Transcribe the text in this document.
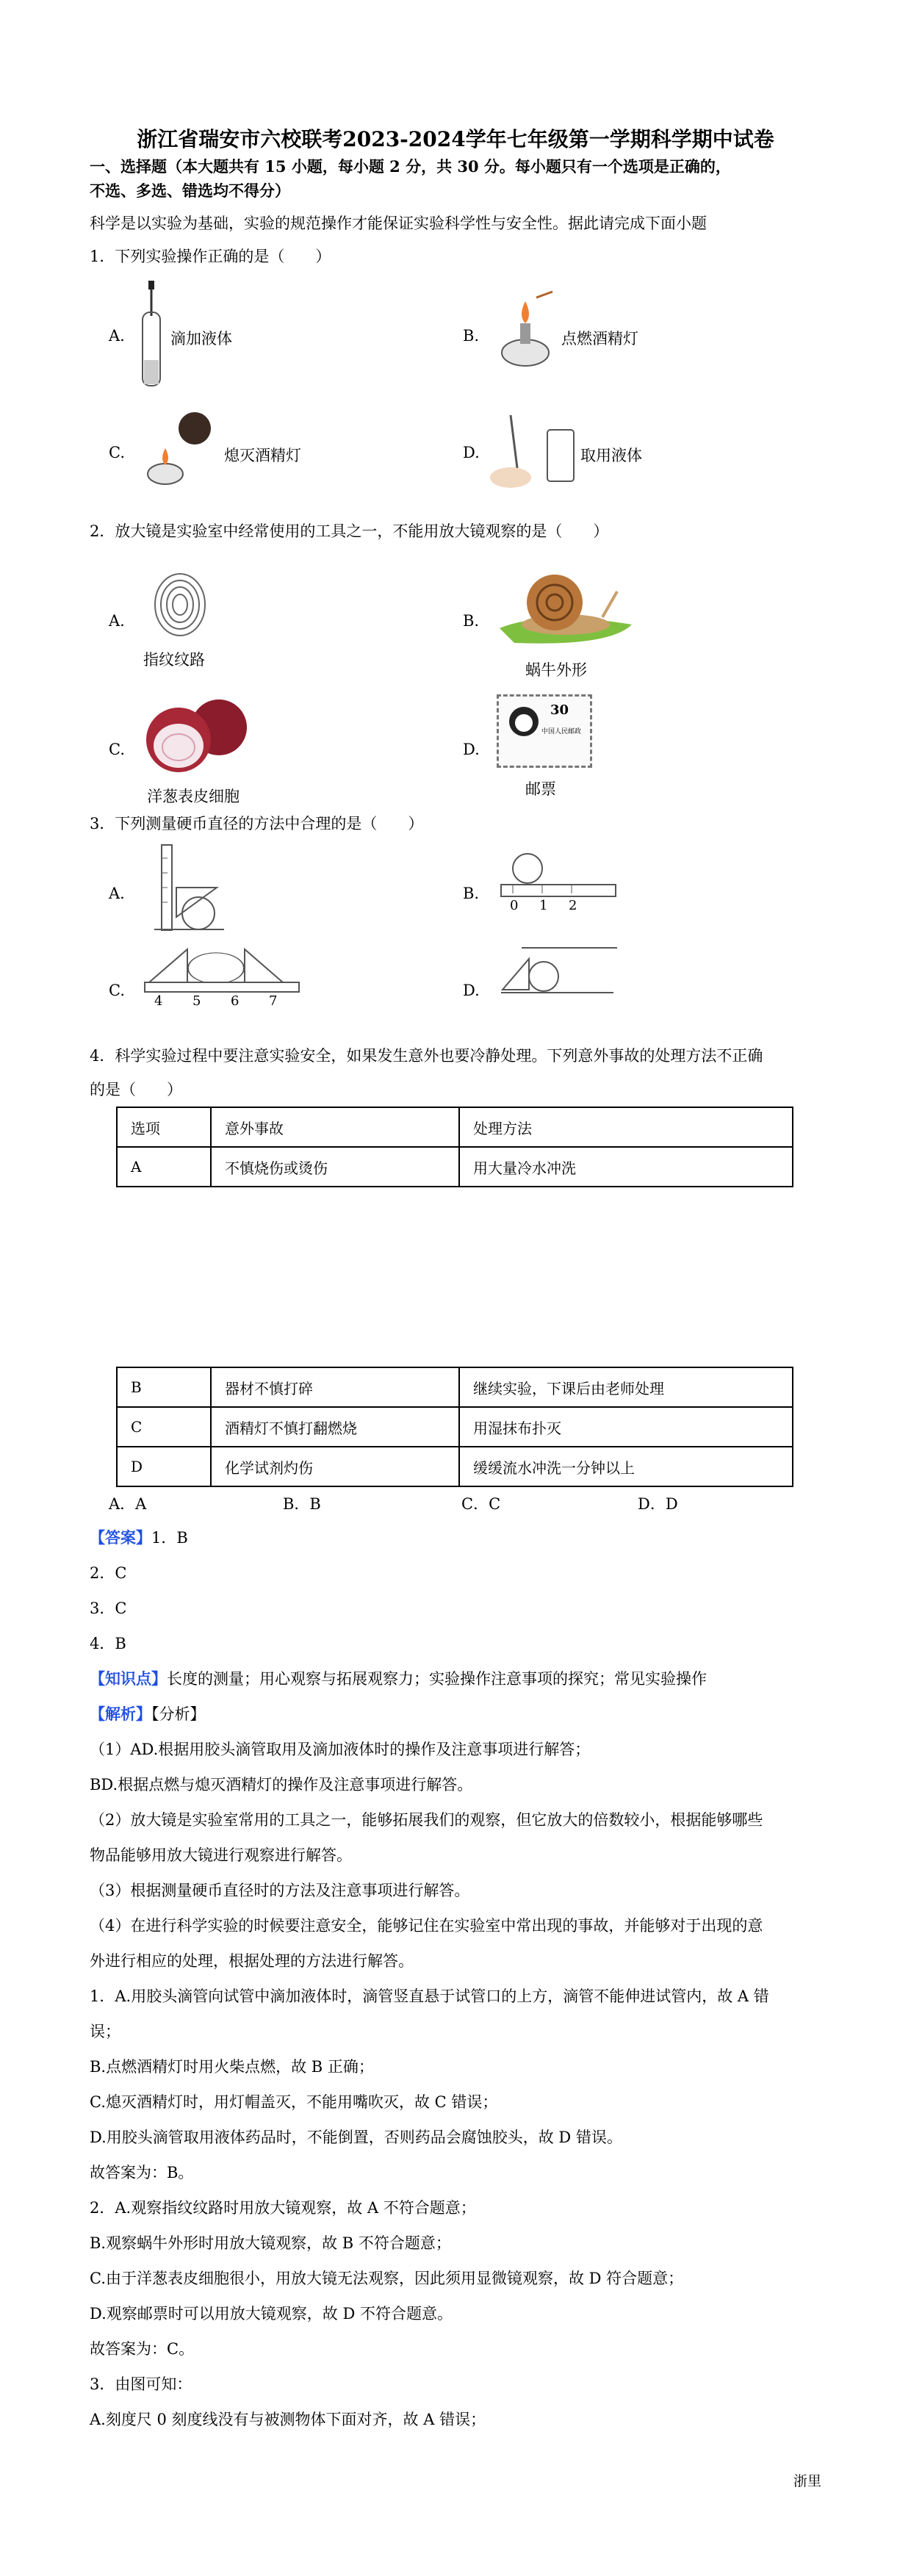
浙江省瑞安市六校联考2023-2024学年七年级第一学期科学期中试卷
一、选择题（本大题共有 15 小题，每小题 2 分，共 30 分。每小题只有一个选项是正确的，
不选、多选、错选均不得分）
科学是以实验为基础，实验的规范操作才能保证实验科学性与安全性。据此请完成下面小题
1．下列实验操作正确的是（　　）
A.	滴加液体	B.	点燃酒精灯
C.	熄灭酒精灯	D.	取用液体
2．放大镜是实验室中经常使用的工具之一，不能用放大镜观察的是（　　）
A.
指纹纹路
B.
蜗牛外形
C.
洋葱表皮细胞
D.
30
中国人民邮政
邮票
3．下列测量硬币直径的方法中合理的是（　　）
A.	B.
0 1 2
C.
4 5 6 7
D.
4．科学实验过程中要注意实验安全，如果发生意外也要冷静处理。下列意外事故的处理方法不正确
的是（　　）
选项	意外事故	处理方法
A	不慎烧伤或烫伤	用大量冷水冲洗
B	器材不慎打碎	继续实验，下课后由老师处理
C	酒精灯不慎打翻燃烧	用湿抹布扑灭
D	化学试剂灼伤	缓缓流水冲洗一分钟以上
A．A	B．B	C．C	D．D
【答案】1．B
2．C
3．C
4．B
【知识点】长度的测量；用心观察与拓展观察力；实验操作注意事项的探究；常见实验操作
【解析】【分析】
（1）AD.根据用胶头滴管取用及滴加液体时的操作及注意事项进行解答；
BD.根据点燃与熄灭酒精灯的操作及注意事项进行解答。
（2）放大镜是实验室常用的工具之一，能够拓展我们的观察，但它放大的倍数较小，根据能够哪些
物品能够用放大镜进行观察进行解答。
（3）根据测量硬币直径时的方法及注意事项进行解答。
（4）在进行科学实验的时候要注意安全，能够记住在实验室中常出现的事故，并能够对于出现的意
外进行相应的处理，根据处理的方法进行解答。
1．A.用胶头滴管向试管中滴加液体时，滴管竖直悬于试管口的上方，滴管不能伸进试管内，故 A 错
误；
B.点燃酒精灯时用火柴点燃，故 B 正确；
C.熄灭酒精灯时，用灯帽盖灭，不能用嘴吹灭，故 C 错误；
D.用胶头滴管取用液体药品时，不能倒置，否则药品会腐蚀胶头，故 D 错误。
故答案为：B。
2．A.观察指纹纹路时用放大镜观察，故 A 不符合题意；
B.观察蜗牛外形时用放大镜观察，故 B 不符合题意；
C.由于洋葱表皮细胞很小，用放大镜无法观察，因此须用显微镜观察，故 D 符合题意；
D.观察邮票时可以用放大镜观察，故 D 不符合题意。
故答案为：C。
3．由图可知：
A.刻度尺 0 刻度线没有与被测物体下面对齐，故 A 错误；
浙里
